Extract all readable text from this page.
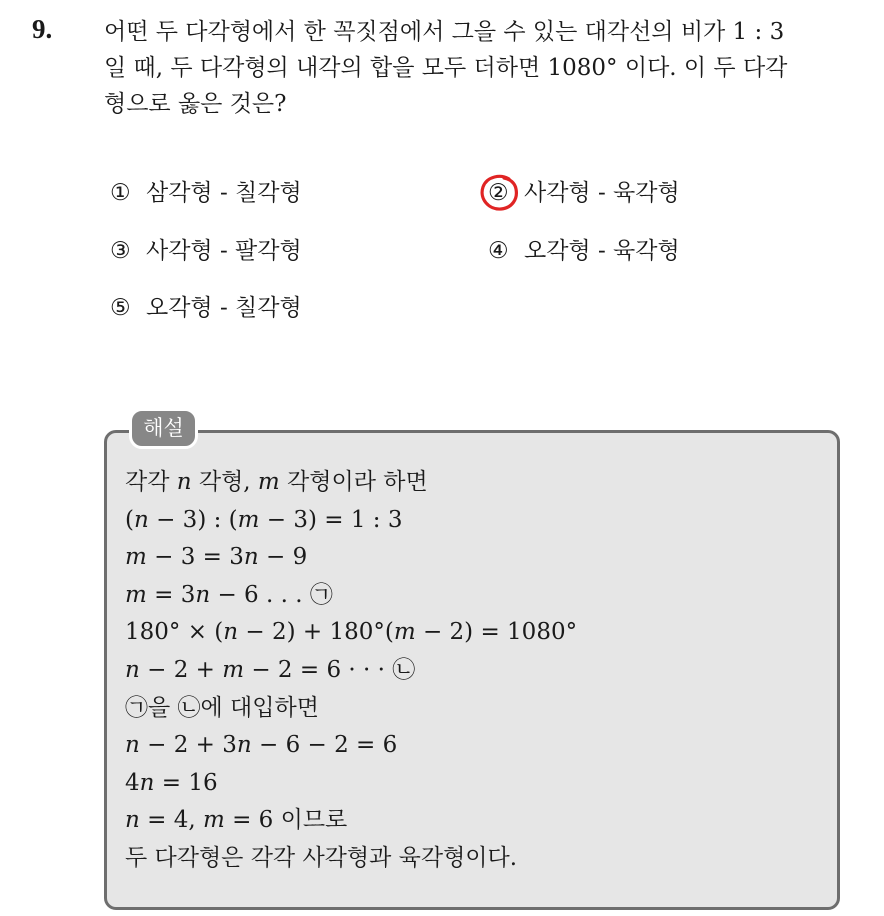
9. 어떤 두 다각형에서 한 꼭짓점에서 그을 수 있는 대각선의 비가 1 : 3
일 때, 두 다각형의 내각의 합을 모두 더하면 1080° 이다. 이 두 다각
형으로 옳은 것은?
① 삼각형 - 칠각형	② 사각형 - 육각형
③ 사각형 - 팔각형	④ 오각형 - 육각형
⑤ 오각형 - 칠각형
해설
각각 𝑛 각형, 𝑚 각형이라 하면
(𝑛 − 3) : (𝑚 − 3) = 1 : 3
𝑚 − 3 = 3𝑛 − 9
𝑚 = 3𝑛 − 6 . . . ㉠
180° × (𝑛 − 2) + 180°(𝑚 − 2) = 1080°
𝑛 − 2 + 𝑚 − 2 = 6 · · · ㉡
㉠을 ㉡에 대입하면
𝑛 − 2 + 3𝑛 − 6 − 2 = 6
4𝑛 = 16
𝑛 = 4, 𝑚 = 6 이므로
두 다각형은 각각 사각형과 육각형이다.
